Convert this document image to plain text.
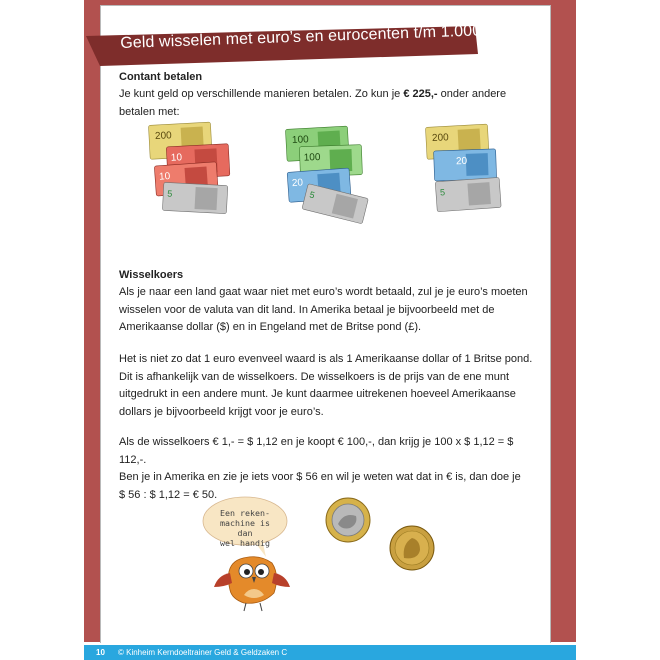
Geld wisselen met euro’s en eurocenten t/m 1.000
Contant betalen
Je kunt geld op verschillende manieren betalen. Zo kun je € 225,- onder andere betalen met:
200
10
10
5
100
100
20
5
200
20
5
Wisselkoers
Als je naar een land gaat waar niet met euro’s wordt betaald, zul je je euro’s moeten wisselen voor de valuta van dit land. In Amerika betaal je bijvoorbeeld met de Amerikaanse dollar ($) en in Engeland met de Britse pond (£).
Het is niet zo dat 1 euro evenveel waard is als 1 Amerikaanse dollar of 1 Britse pond.
Dit is afhankelijk van de wisselkoers. De wisselkoers is de prijs van de ene munt uitgedrukt in een andere munt. Je kunt daarmee uitrekenen hoeveel Amerikaanse dollars je bijvoorbeeld krijgt voor je euro’s.
Als de wisselkoers € 1,- = $ 1,12 en je koopt € 100,-, dan krijg je 100 x $ 1,12 = $ 112,-.
Ben je in Amerika en zie je iets voor $ 56 en wil je weten wat dat in € is, dan doe je
$ 56 : $ 1,12 = € 50.
Een reken-
machine is dan
wel handig
10 © Kinheim Kerndoeltrainer Geld & Geldzaken C
